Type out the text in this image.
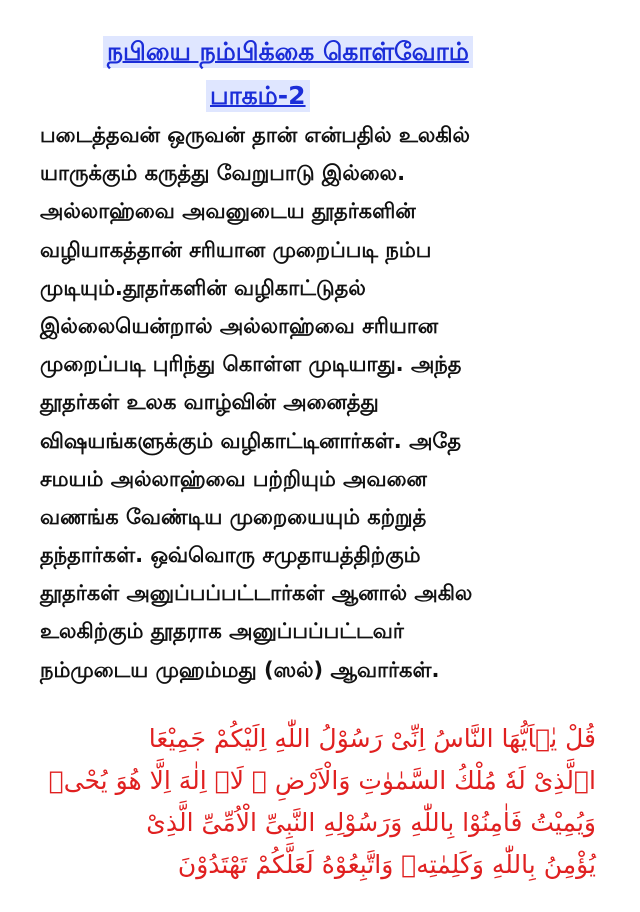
நபியை நம்பிக்கை கொள்வோம்
பாகம்-2
படைத்தவன் ஒருவன் தான் என்பதில் உலகில்
யாருக்கும் கருத்து வேறுபாடு இல்லை.
அல்லாஹ்வை அவனுடைய தூதர்களின்
வழியாகத்தான் சரியான முறைப்படி நம்ப
முடியும்.தூதர்களின் வழிகாட்டுதல்
இல்லையென்றால் அல்லாஹ்வை சரியான
முறைப்படி புரிந்து கொள்ள முடியாது. அந்த
தூதர்கள் உலக வாழ்வின் அனைத்து
விஷயங்களுக்கும் வழிகாட்டினார்கள். அதே
சமயம் அல்லாஹ்வை பற்றியும் அவனை
வணங்க வேண்டிய முறையையும் கற்றுத்
தந்தார்கள். ஒவ்வொரு சமுதாயத்திற்கும்
தூதர்கள் அனுப்பப்பட்டார்கள் ஆனால் அகில
உலகிற்கும் தூதராக அனுப்பப்பட்டவர்
நம்முடைய முஹம்மது (ஸல்) ஆவார்கள்.
قُلْ يٰۤاَيُّهَا النَّاسُ اِنِّىْ رَسُوْلُ اللّٰهِ اِلَيْكُمْ جَمِيْعَا
اۨلَّذِىْ لَهٗ مُلْكُ السَّمٰوٰتِ وَالْاَرْضِ‌ ۚ لَاۤ اِلٰهَ اِلَّا هُوَ يُحْىٖ
وَيُمِيْتُ‌ فَاٰمِنُوْا بِاللّٰهِ وَرَسُوْلِهِ النَّبِىِّ الْاُمِّىِّ الَّذِىْ
يُؤْمِنُ بِاللّٰهِ وَكَلِمٰتِهٖ وَاتَّبِعُوْهُ لَعَلَّكُمْ تَهْتَدُوْنَ
